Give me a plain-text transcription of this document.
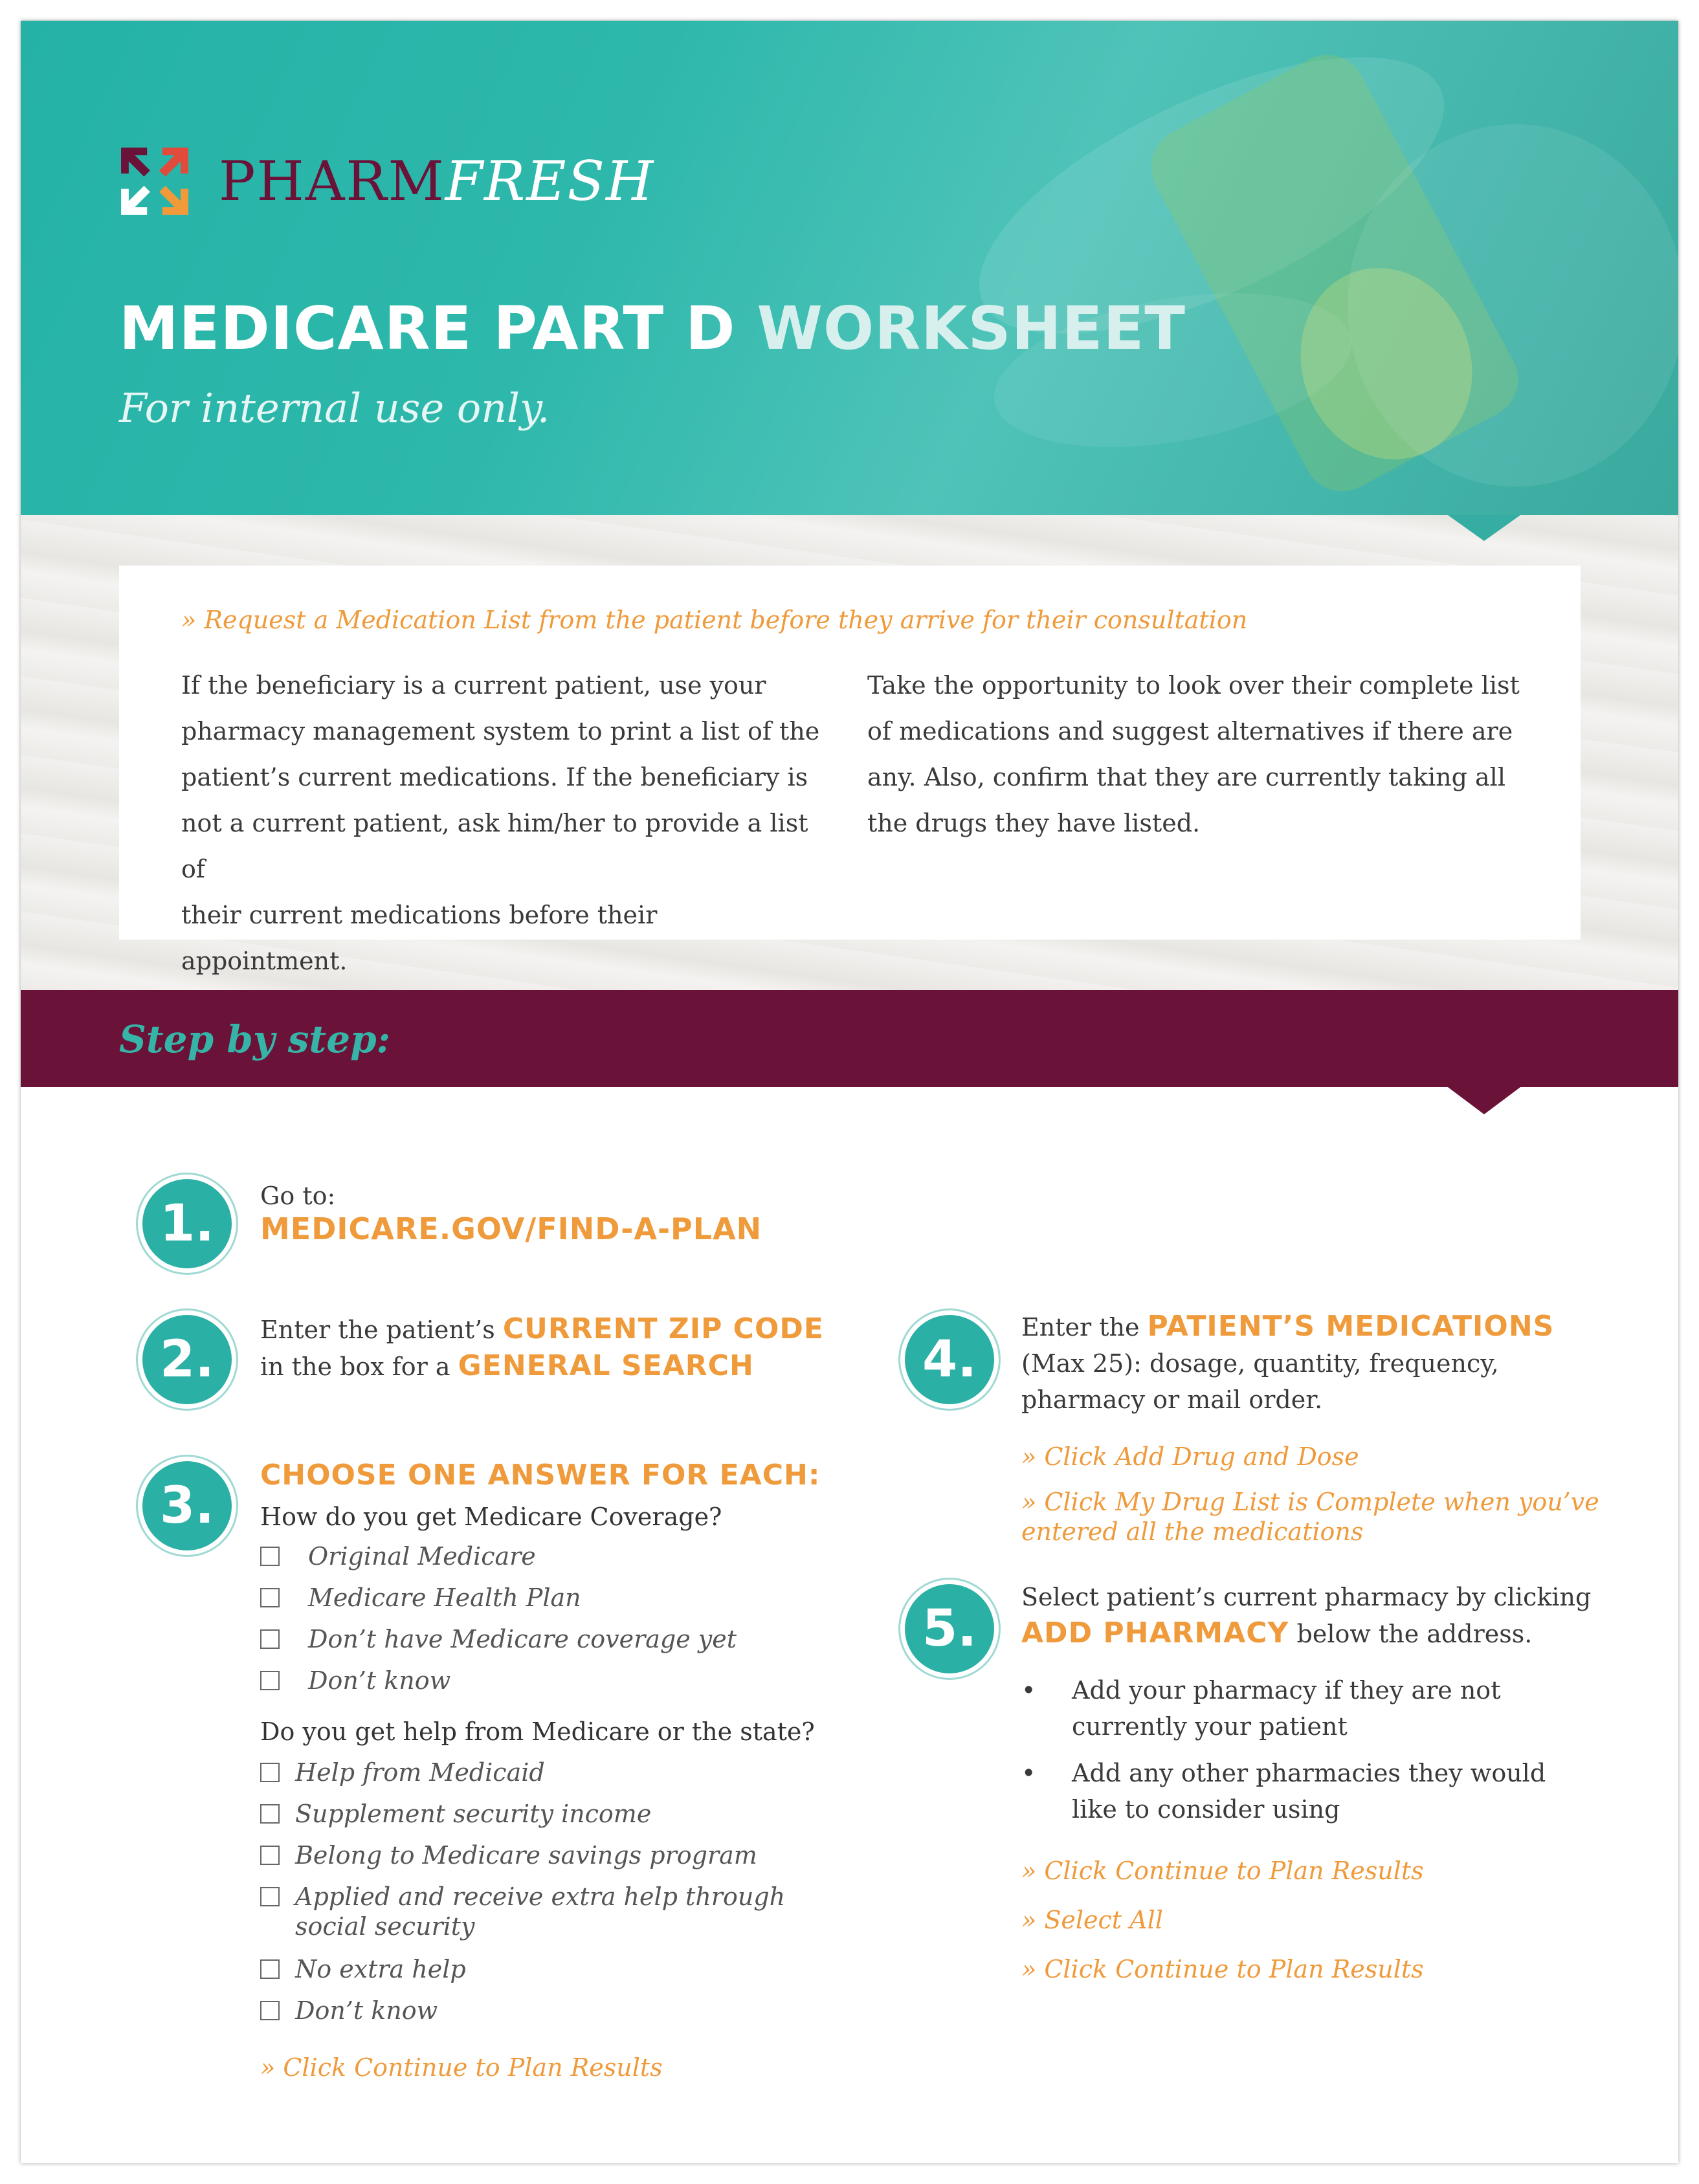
PHARMFRESH
MEDICARE PART D WORKSHEET
For internal use only.
» Request a Medication List from the patient before they arrive for their consultation
If the beneficiary is a current patient, use your
pharmacy management system to print a list of the
patient’s current medications. If the beneficiary is
not a current patient, ask him/her to provide a list of
their current medications before their appointment.
Take the opportunity to look over their complete list
of medications and suggest alternatives if there are
any. Also, confirm that they are currently taking all
the drugs they have listed.
Step by step:
1.	Go to:
MEDICARE.GOV/FIND-A-PLAN
2.
Enter the patient’s CURRENT ZIP CODE
in the box for a GENERAL SEARCH
3.
CHOOSE ONE ANSWER FOR EACH:
How do you get Medicare Coverage?
Original Medicare
Medicare Health Plan
Don’t have Medicare coverage yet
Don’t know
Do you get help from Medicare or the state?
Help from Medicaid
Supplement security income
Belong to Medicare savings program
Applied and receive extra help through
social security
No extra help
Don’t know
» Click Continue to Plan Results
4.
Enter the PATIENT’S MEDICATIONS
(Max 25): dosage, quantity, frequency,
pharmacy or mail order.
» Click Add Drug and Dose
» Click My Drug List is Complete when you’ve
entered all the medications
5.
Select patient’s current pharmacy by clicking
ADD PHARMACY below the address.
• Add your pharmacy if they are not
currently your patient
• Add any other pharmacies they would
like to consider using
» Click Continue to Plan Results
» Select All
» Click Continue to Plan Results
